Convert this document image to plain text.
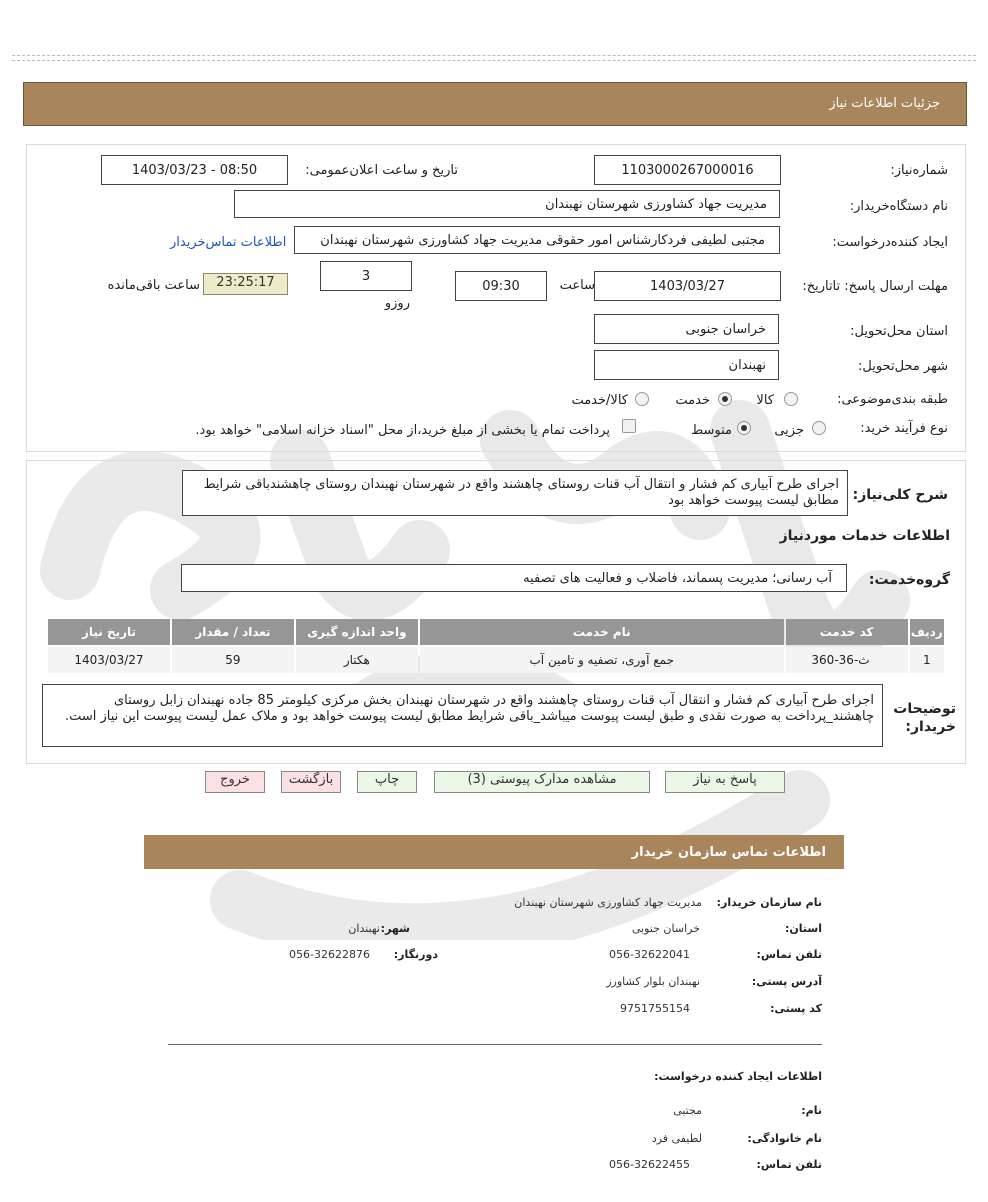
جزئیات اطلاعات نیاز
شماره‌نیاز:
1103000267000016
تاریخ و ساعت اعلان‌عمومی:
1403/03/23 - 08:50
نام دستگاه‌خریدار:
مدیریت جهاد کشاورزی شهرستان نهبندان
ایجاد کننده‌درخواست:
مجتبی لطیفی فردکارشناس امور حقوقی مدیریت جهاد کشاورزی شهرستان نهبندان
اطلاعات تماس‌خریدار
مهلت ارسال پاسخ: تاتاریخ:
1403/03/27
ساعت
09:30
3
روزو
23:25:17
ساعت باقی‌مانده
استان محل‌تحویل:
خراسان جنوبی
شهر محل‌تحویل:
نهبندان
طبقه بندی‌موضوعی:
کالا
خدمت
کالا/خدمت
نوع فرآیند خرید:
جزیی
متوسط
پرداخت تمام یا بخشی از مبلغ خرید،از محل "اسناد خزانه اسلامی" خواهد بود.
شرح کلی‌نیاز:
اجرای طرح آبیاری کم فشار و انتقال آب قنات روستای چاهشند واقع در شهرستان نهبندان روستای چاهشندباقی شرایط مطابق لیست پیوست خواهد بود
اطلاعات خدمات مورد‌نیاز
گروه‌خدمت:
آب رسانی؛ مدیریت پسماند، فاضلاب و فعالیت های تصفیه
ردیف	کد خدمت	نام خدمت	واحد اندازه گیری	تعداد / مقدار	تاریخ نیاز
1	ث-36-360	جمع آوری، تصفیه و تامین آب	هکتار	59	1403/03/27
توضیحات خریدار:
اجرای طرح آبیاری کم فشار و انتقال آب قنات روستای چاهشند واقع در شهرستان نهبندان بخش مرکزی کیلومتر 85 جاده نهبندان زابل روستای چاهشند_پرداخت به صورت نقدی و طبق لیست پیوست میباشد_باقی شرایط مطابق لیست پیوست خواهد بود و ملاک عمل لیست پیوست این نیاز است.
پاسخ به نیاز
مشاهده مدارک پیوستی (3)
چاپ
بازگشت
خروج
اطلاعات تماس سازمان خریدار
نام سازمان خریدار:
مدیریت جهاد کشاورزی شهرستان نهبندان
استان:
خراسان جنوبی
شهر:
نهبندان
تلفن تماس:
056-32622041
دورنگار:
056-32622876
آدرس پستی:
نهبندان بلوار کشاورز
کد پستی:
9751755154
اطلاعات ایجاد کننده درخواست:
نام:
مجتبی
نام خانوادگی:
لطیفی فرد
تلفن تماس:
056-32622455
